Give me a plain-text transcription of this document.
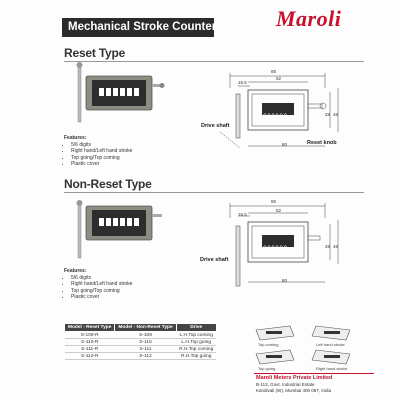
Mechanical Stroke Counters Maroli
Reset Type
Features:
• 5/6 digits
• Right hand/Left hand stroke
• Top going/Top coming
• Plastic cover
85
52
16.5
28 46
80
000000
Drive shaft
Reset knob
Non-Reset Type
Features:
• 5/6 digits
• Right hand/Left hand stroke
• Top going/Top coming
• Plastic cover
85
52
16.5
28 46
80
000000
Drive shaft
Model - Reset Type	Model - Non-Reset Type	Drive
S-109-R	S-109	L.H.Top coming
S-110-R	S-110	L.H.Top going
S-111-R	S-111	R.H.Top coming
S-112-R	S-112	R.H.Top going
Top coming	Left hand stroke
Top going	Right hand stroke
Maroli Meters Private Limited
B-113, Govt. Industrial Estate
Kandivali (W), Mumbai 400 067, India
